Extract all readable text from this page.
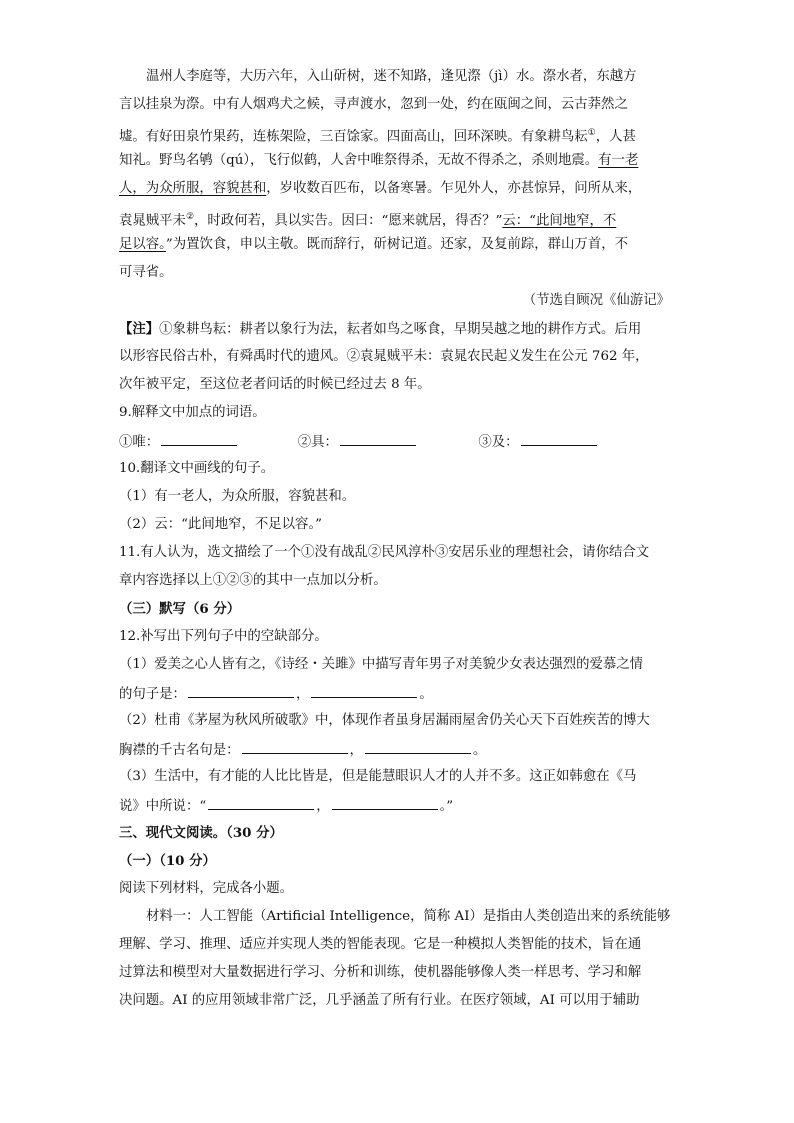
温州人李庭等，大历六年，入山斫树，迷不知路，逢见漈（jì）水。漈水者，东越方
言以挂泉为漈。中有人烟鸡犬之候，寻声渡水，忽到一处，约在瓯闽之间，云古莽然之
墟。有好田泉竹果药，连栋架险，三百馀家。四面高山，回环深映。有象耕鸟耘①，人甚
知礼。野鸟名鸲（qú），飞行似鹤，人舍中唯祭得杀，无故不得杀之，杀则地震。有一老
人，为众所服，容貌甚和，岁收数百匹布，以备寒暑。乍见外人，亦甚惊异，问所从来，
袁晁贼平未②，时政何若，具以实告。因曰：“愿来就居，得否？”云：“此间地窄，不
足以容。”为置饮食，申以主敬。既而辞行，斫树记道。还家，及复前踪，群山万首，不
可寻省。
（节选自顾况《仙游记》
【注】①象耕鸟耘：耕者以象行为法，耘者如鸟之啄食，早期吴越之地的耕作方式。后用
以形容民俗古朴，有舜禹时代的遗风。②袁晁贼平未：袁晁农民起义发生在公元 762 年，
次年被平定，至这位老者问话的时候已经过去 8 年。
9.解释文中加点的词语。
①唯：	②具：	③及：
10.翻译文中画线的句子。
（1）有一老人，为众所服，容貌甚和。
（2）云：“此间地窄，不足以容。”
11.有人认为，选文描绘了一个①没有战乱②民风淳朴③安居乐业的理想社会，请你结合文
章内容选择以上①②③的其中一点加以分析。
（三）默写（6 分）
12.补写出下列句子中的空缺部分。
（1）爱美之心人皆有之，《诗经・关雎》中描写青年男子对美貌少女表达强烈的爱慕之情
的句子是：	，	。
（2）杜甫《茅屋为秋风所破歌》中，体现作者虽身居漏雨屋舍仍关心天下百姓疾苦的博大
胸襟的千古名句是：	，	。
（3）生活中，有才能的人比比皆是，但是能慧眼识人才的人并不多。这正如韩愈在《马
说》中所说：“	，	。”
三、现代文阅读。（30 分）
（一）（10 分）
阅读下列材料，完成各小题。
材料一：人工智能（Artificial Intelligence，简称 AI）是指由人类创造出来的系统能够
理解、学习、推理、适应并实现人类的智能表现。它是一种模拟人类智能的技术，旨在通
过算法和模型对大量数据进行学习、分析和训练，使机器能够像人类一样思考、学习和解
决问题。AI 的应用领域非常广泛，几乎涵盖了所有行业。在医疗领域，AI 可以用于辅助
